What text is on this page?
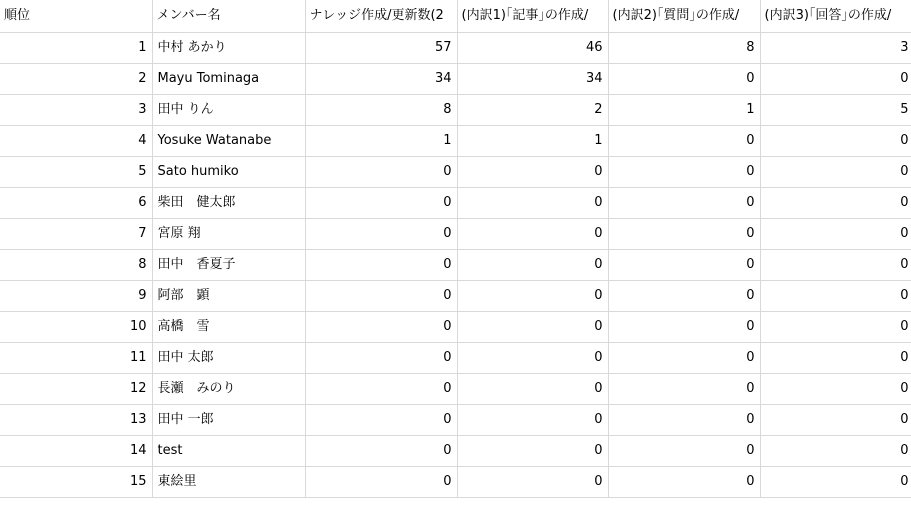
順位	メンバー名	ナレッジ作成/更新数(2	(内訳1)｢記事｣の作成/	(内訳2)｢質問｣の作成/	(内訳3)｢回答｣の作成/
1	中村 あかり	57	46	8	3
2	Mayu Tominaga	34	34	0	0
3	田中 りん	8	2	1	5
4	Yosuke Watanabe	1	1	0	0
5	Sato humiko	0	0	0	0
6	柴田　健太郎	0	0	0	0
7	宮原 翔	0	0	0	0
8	田中　香夏子	0	0	0	0
9	阿部　顕	0	0	0	0
10	高橋　雪	0	0	0	0
11	田中 太郎	0	0	0	0
12	長瀬　みのり	0	0	0	0
13	田中 一郎	0	0	0	0
14	test	0	0	0	0
15	東絵里	0	0	0	0
